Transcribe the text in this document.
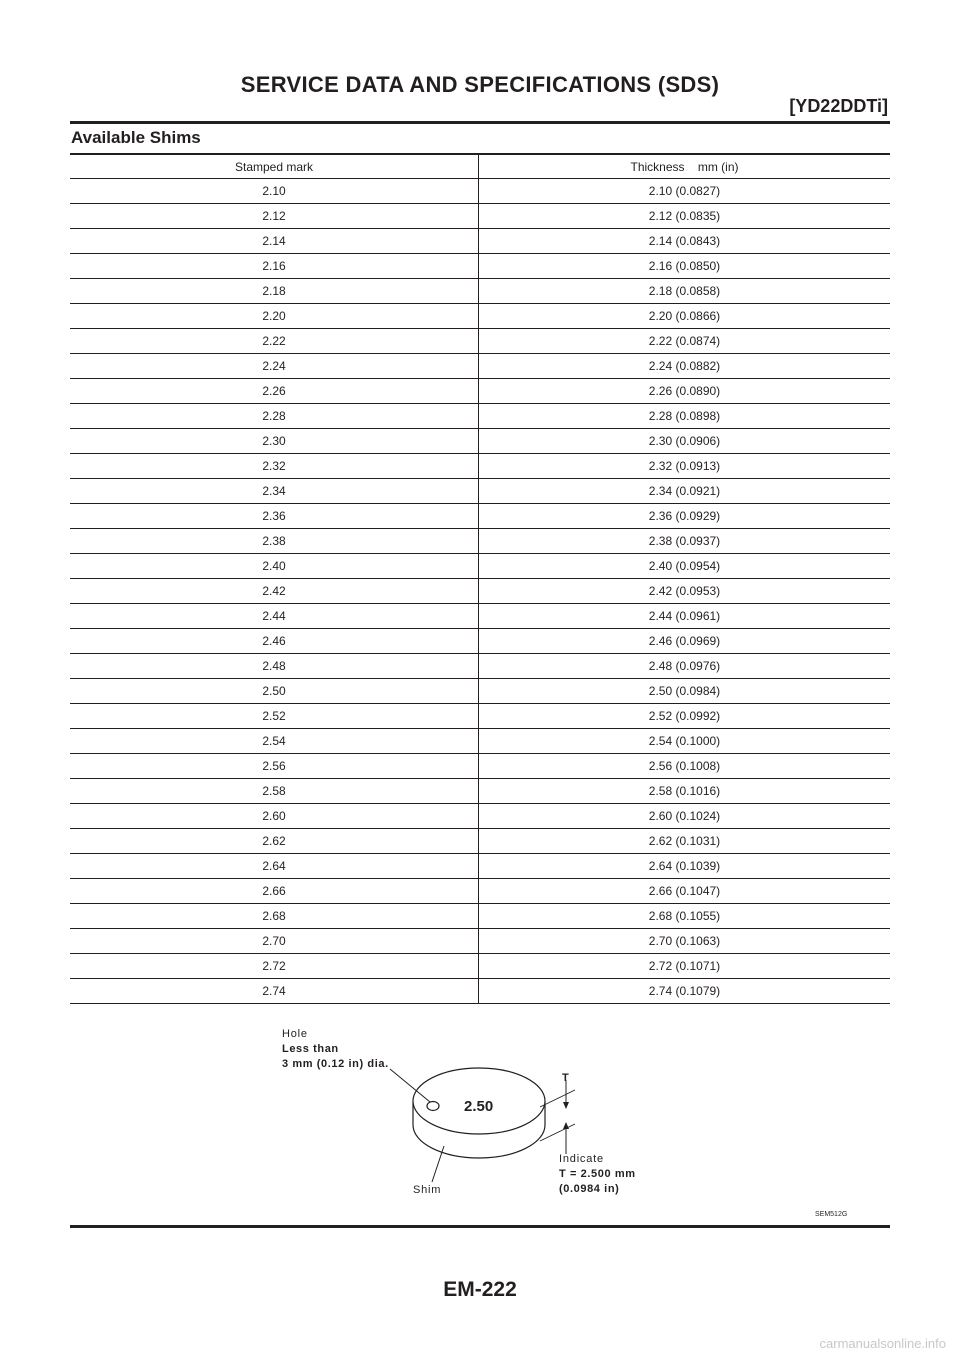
SERVICE DATA AND SPECIFICATIONS (SDS)
[YD22DDTi]
Available Shims
Stamped mark	Thickness    mm (in)
2.10	2.10 (0.0827)
2.12	2.12 (0.0835)
2.14	2.14 (0.0843)
2.16	2.16 (0.0850)
2.18	2.18 (0.0858)
2.20	2.20 (0.0866)
2.22	2.22 (0.0874)
2.24	2.24 (0.0882)
2.26	2.26 (0.0890)
2.28	2.28 (0.0898)
2.30	2.30 (0.0906)
2.32	2.32 (0.0913)
2.34	2.34 (0.0921)
2.36	2.36 (0.0929)
2.38	2.38 (0.0937)
2.40	2.40 (0.0954)
2.42	2.42 (0.0953)
2.44	2.44 (0.0961)
2.46	2.46 (0.0969)
2.48	2.48 (0.0976)
2.50	2.50 (0.0984)
2.52	2.52 (0.0992)
2.54	2.54 (0.1000)
2.56	2.56 (0.1008)
2.58	2.58 (0.1016)
2.60	2.60 (0.1024)
2.62	2.62 (0.1031)
2.64	2.64 (0.1039)
2.66	2.66 (0.1047)
2.68	2.68 (0.1055)
2.70	2.70 (0.1063)
2.72	2.72 (0.1071)
2.74	2.74 (0.1079)
2.50
T
Hole
Less than
3 mm (0.12 in) dia.
Indicate
T = 2.500 mm
(0.0984 in)
Shim
SEM512G
EM-222
carmanualsonline.info
